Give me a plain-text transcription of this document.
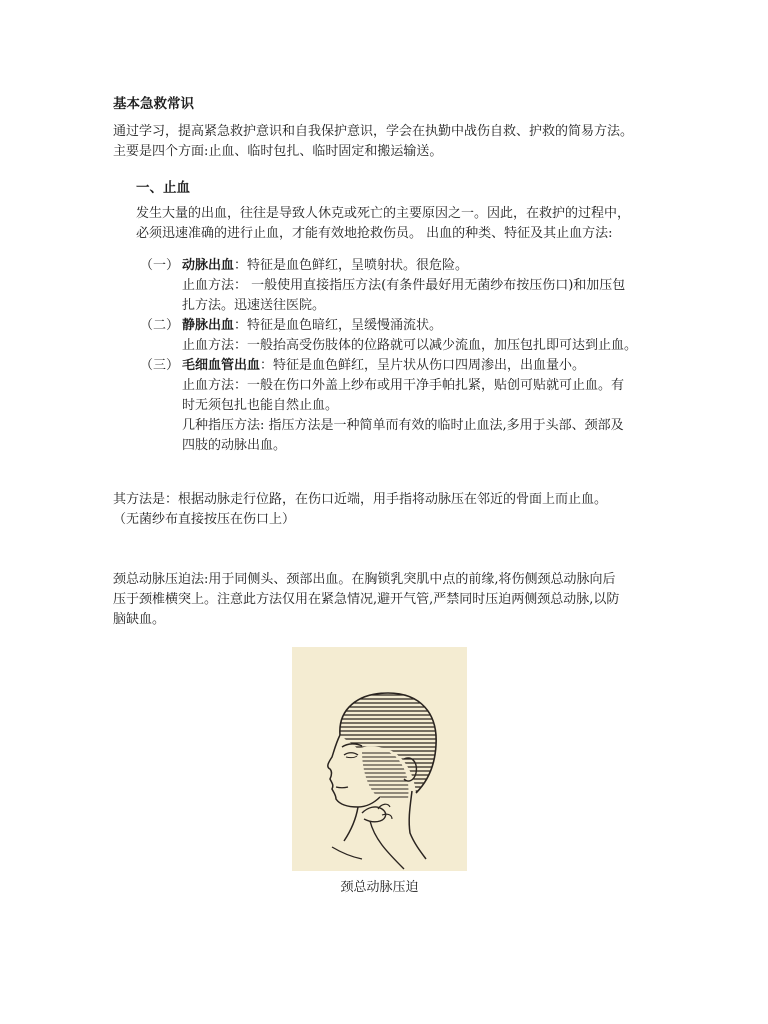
基本急救常识
通过学习，提高紧急救护意识和自我保护意识，学会在执勤中战伤自救、护救的简易方法。
主要是四个方面:止血、临时包扎、临时固定和搬运输送。
一、止血
发生大量的出血，往往是导致人休克或死亡的主要原因之一。因此，在救护的过程中，
必须迅速准确的进行止血，才能有效地抢救伤员。 出血的种类、特征及其止血方法:
（一） 动脉出血：特征是血色鲜红，呈喷射状。很危险。
止血方法： 一般使用直接指压方法(有条件最好用无菌纱布按压伤口)和加压包
扎方法。迅速送往医院。
（二） 静脉出血：特征是血色暗红，呈缓慢涌流状。
止血方法：一般抬高受伤肢体的位路就可以减少流血，加压包扎即可达到止血。
（三） 毛细血管出血：特征是血色鲜红，呈片状从伤口四周渗出，出血量小。
止血方法：一般在伤口外盖上纱布或用干净手帕扎紧，贴创可贴就可止血。有
时无须包扎也能自然止血。
几种指压方法: 指压方法是一种简单而有效的临时止血法,多用于头部、颈部及
四肢的动脉出血。
其方法是：根据动脉走行位路，在伤口近端，用手指将动脉压在邻近的骨面上而止血。
（无菌纱布直接按压在伤口上）
颈总动脉压迫法:用于同侧头、颈部出血。在胸锁乳突肌中点的前缘,将伤侧颈总动脉向后
压于颈椎横突上。注意此方法仅用在紧急情况,避开气管,严禁同时压迫两侧颈总动脉,以防
脑缺血。
颈总动脉压迫
